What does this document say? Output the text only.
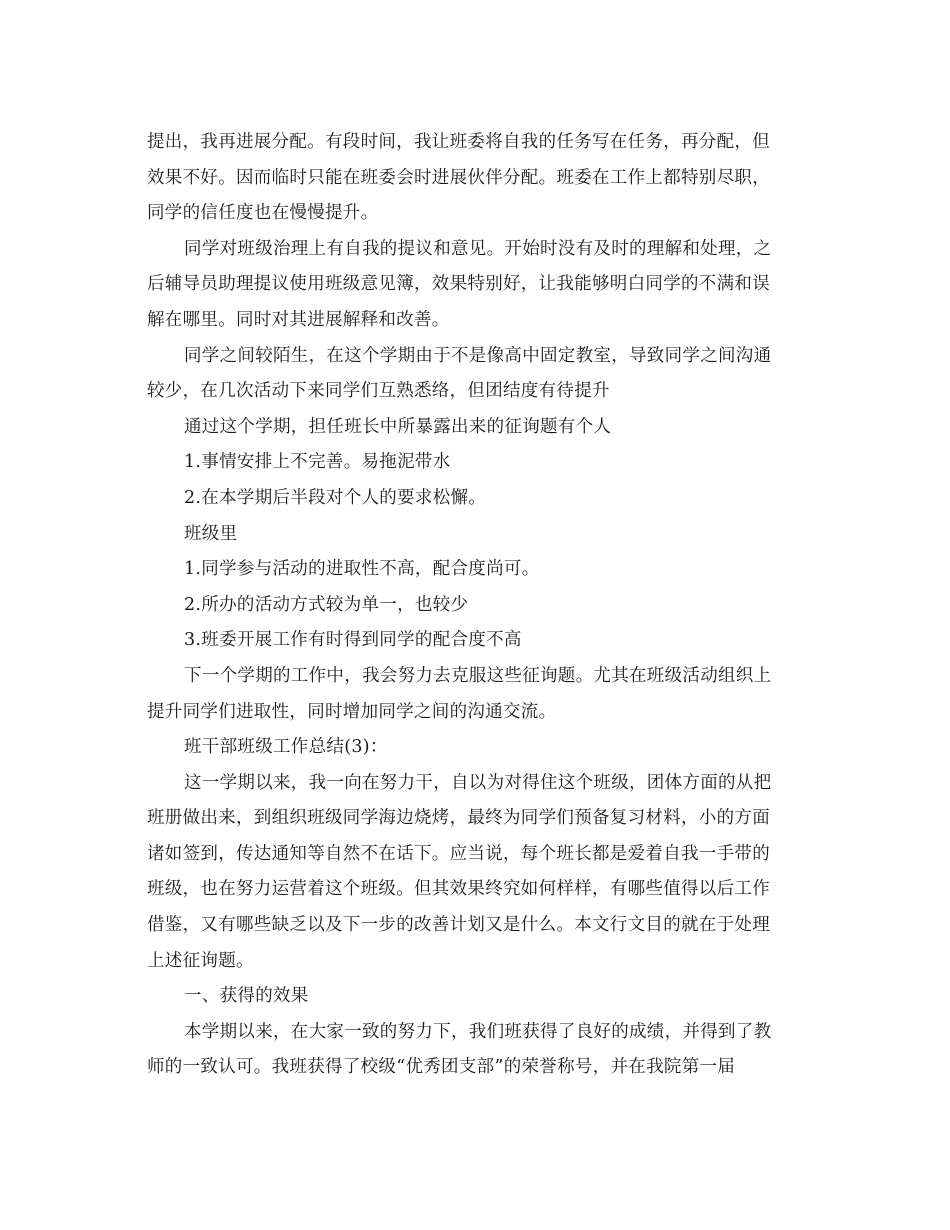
提出，我再进展分配。有段时间，我让班委将自我的任务写在任务，再分配，但
效果不好。因而临时只能在班委会时进展伙伴分配。班委在工作上都特别尽职，
同学的信任度也在慢慢提升。
同学对班级治理上有自我的提议和意见。开始时没有及时的理解和处理，之
后辅导员助理提议使用班级意见簿，效果特别好，让我能够明白同学的不满和误
解在哪里。同时对其进展解释和改善。
同学之间较陌生，在这个学期由于不是像高中固定教室，导致同学之间沟通
较少，在几次活动下来同学们互熟悉络，但团结度有待提升
通过这个学期，担任班长中所暴露出来的征询题有个人
1.事情安排上不完善。易拖泥带水
2.在本学期后半段对个人的要求松懈。
班级里
1.同学参与活动的进取性不高，配合度尚可。
2.所办的活动方式较为单一，也较少
3.班委开展工作有时得到同学的配合度不高
下一个学期的工作中，我会努力去克服这些征询题。尤其在班级活动组织上
提升同学们进取性，同时增加同学之间的沟通交流。
班干部班级工作总结(3)：
这一学期以来，我一向在努力干，自以为对得住这个班级，团体方面的从把
班册做出来，到组织班级同学海边烧烤，最终为同学们预备复习材料，小的方面
诸如签到，传达通知等自然不在话下。应当说，每个班长都是爱着自我一手带的
班级，也在努力运营着这个班级。但其效果终究如何样样，有哪些值得以后工作
借鉴，又有哪些缺乏以及下一步的改善计划又是什么。本文行文目的就在于处理
上述征询题。
一、获得的效果
本学期以来，在大家一致的努力下，我们班获得了良好的成绩，并得到了教
师的一致认可。我班获得了校级“优秀团支部”的荣誉称号，并在我院第一届
